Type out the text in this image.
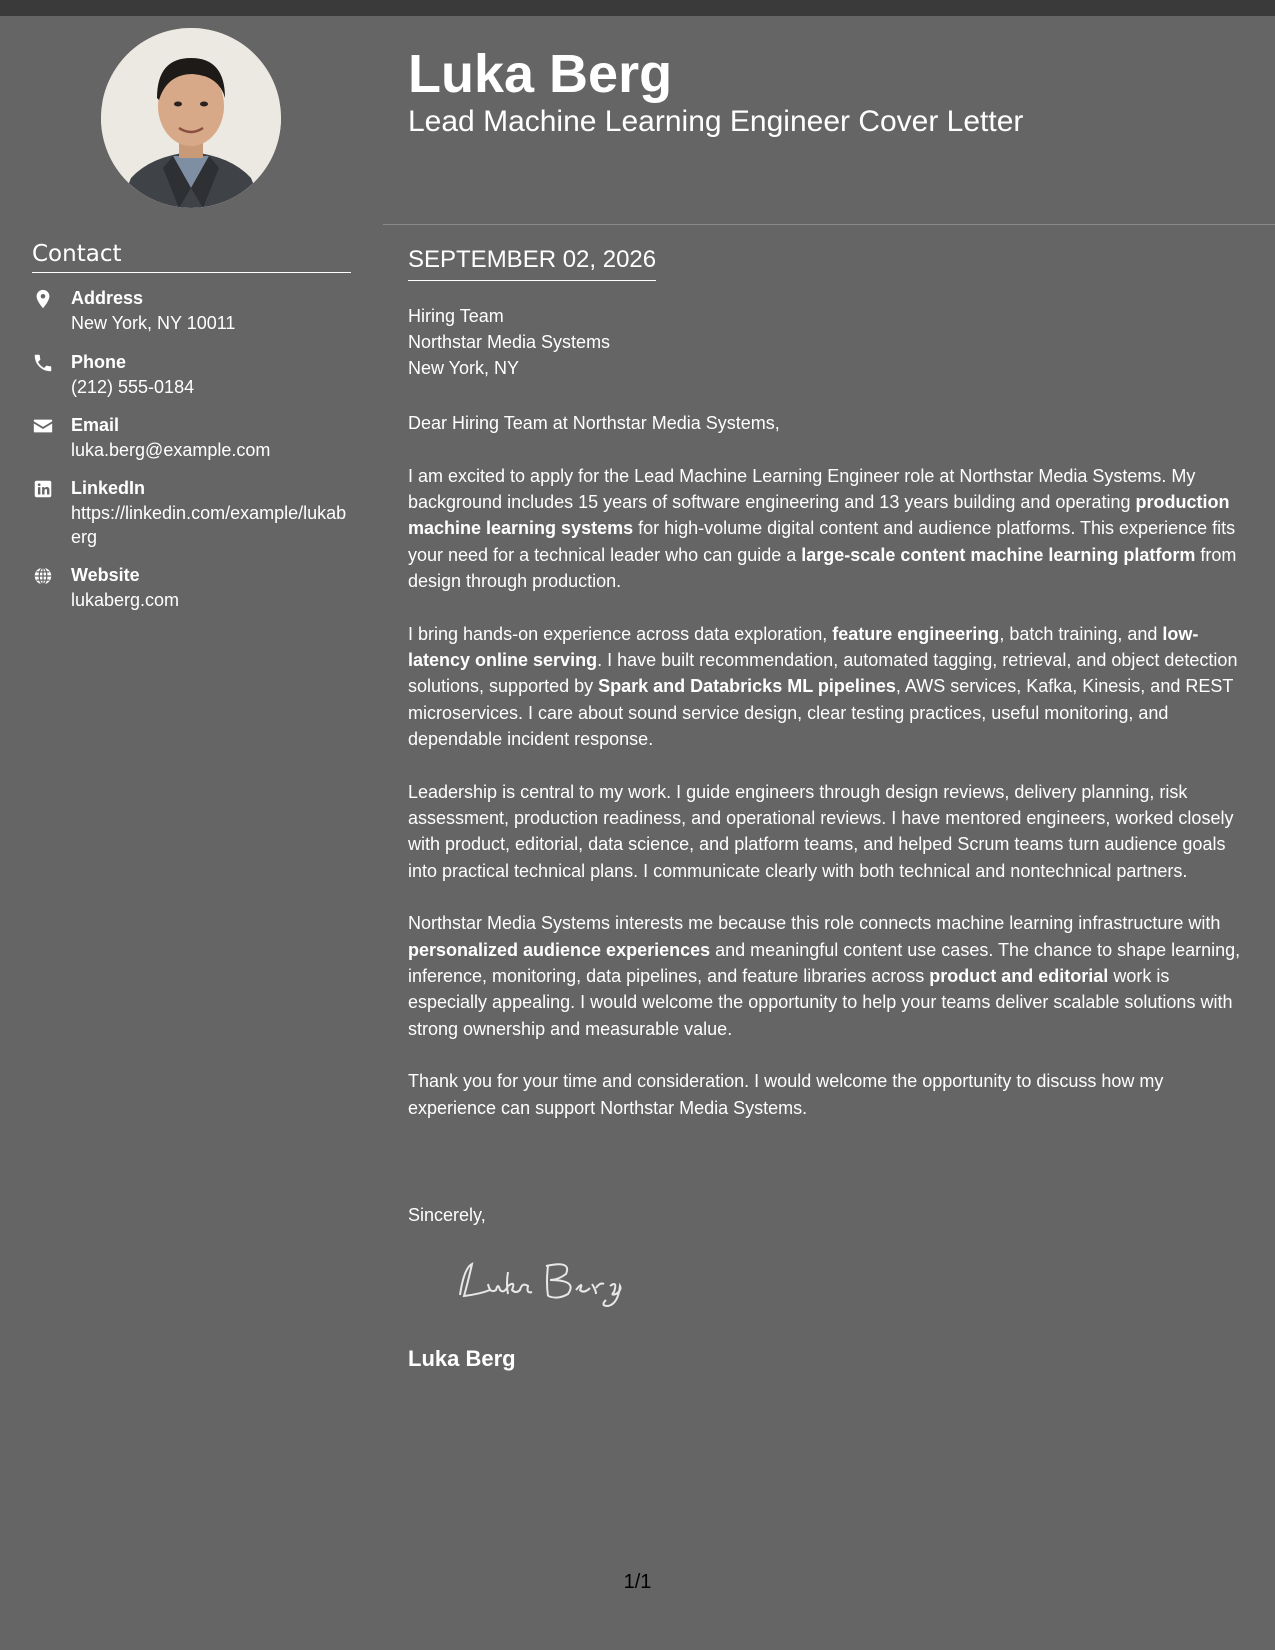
Contact
Address
New York, NY 10011
Phone
(212) 555-0184
Email
luka.berg@example.com
LinkedIn
https://linkedin.com/example/lukaberg
Website
lukaberg.com
Luka Berg
Lead Machine Learning Engineer Cover Letter
SEPTEMBER 02, 2026
Hiring Team
Northstar Media Systems
New York, NY

Dear Hiring Team at Northstar Media Systems,

I am excited to apply for the Lead Machine Learning Engineer role at Northstar Media Systems. My background includes 15 years of software engineering and 13 years building and operating production machine learning systems for high-volume digital content and audience platforms. This experience fits your need for a technical leader who can guide a large-scale content machine learning platform from design through production.

I bring hands-on experience across data exploration, feature engineering, batch training, and low-latency online serving. I have built recommendation, automated tagging, retrieval, and object detection solutions, supported by Spark and Databricks ML pipelines, AWS services, Kafka, Kinesis, and REST microservices. I care about sound service design, clear testing practices, useful monitoring, and dependable incident response.

Leadership is central to my work. I guide engineers through design reviews, delivery planning, risk assessment, production readiness, and operational reviews. I have mentored engineers, worked closely with product, editorial, data science, and platform teams, and helped Scrum teams turn audience goals into practical technical plans. I communicate clearly with both technical and nontechnical partners.

Northstar Media Systems interests me because this role connects machine learning infrastructure with personalized audience experiences and meaningful content use cases. The chance to shape learning, inference, monitoring, data pipelines, and feature libraries across product and editorial work is especially appealing. I would welcome the opportunity to help your teams deliver scalable solutions with strong ownership and measurable value.

Thank you for your time and consideration. I would welcome the opportunity to discuss how my experience can support Northstar Media Systems.

Sincerely,
Luka Berg
1/1
